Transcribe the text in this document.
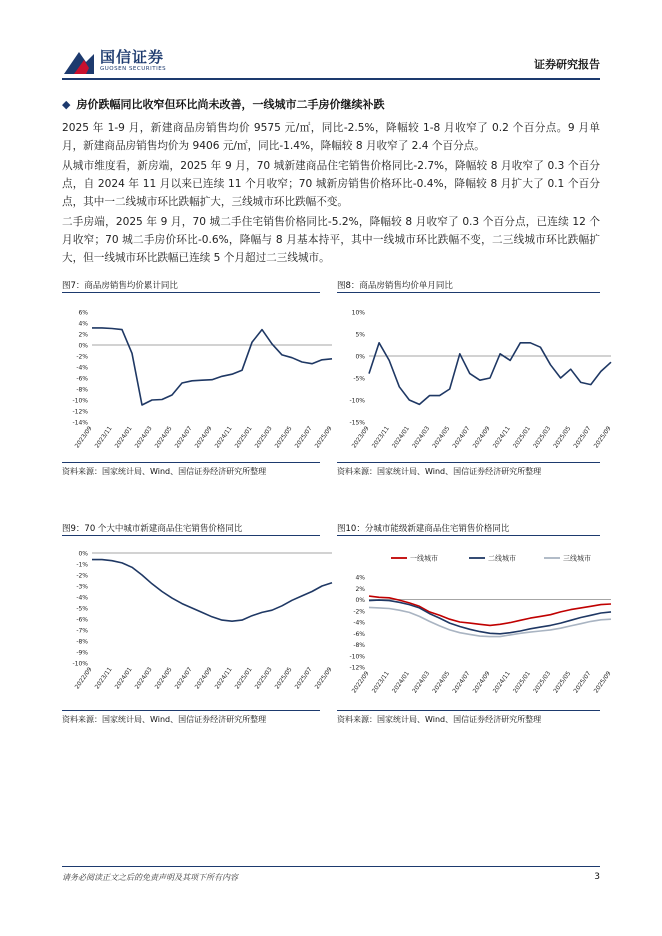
国信证券
GUOSEN SECURITIES	证券研究报告
◆ 房价跌幅同比收窄但环比尚未改善，一线城市二手房价继续补跌
2025 年 1-9 月，新建商品房销售均价 9575 元/㎡，同比-2.5%，降幅较 1-8 月收窄了 0.2 个百分点。9 月单月，新建商品房销售均价为 9406 元/㎡，同比-1.4%，降幅较 8 月收窄了 2.4 个百分点。
从城市维度看，新房端，2025 年 9 月，70 城新建商品住宅销售价格同比-2.7%，降幅较 8 月收窄了 0.3 个百分点，自 2024 年 11 月以来已连续 11 个月收窄；70 城新房销售价格环比-0.4%，降幅较 8 月扩大了 0.1 个百分点，其中一二线城市环比跌幅扩大，三线城市环比跌幅不变。
二手房端，2025 年 9 月，70 城二手住宅销售价格同比-5.2%，降幅较 8 月收窄了 0.3 个百分点，已连续 12 个月收窄；70 城二手房价环比-0.6%，降幅与 8 月基本持平，其中一线城市环比跌幅不变，二三线城市环比跌幅扩大，但一线城市环比跌幅已连续 5 个月超过二三线城市。
图7：商品房销售均价累计同比
6%
4%
2%
0%
-2%
-4%
-6%
-8%
-10%
-12%
-14%
2023/09 2023/11 2024/01 2024/03 2024/05 2024/07 2024/09 2024/11 2025/01 2025/03 2025/05 2025/07 2025/09
资料来源：国家统计局、Wind、国信证券经济研究所整理
图8：商品房销售均价单月同比
10%
5%
0%
-5%
-10%
-15%
2023/09 2023/11 2024/01 2024/03 2024/05 2024/07 2024/09 2024/11 2025/01 2025/03 2025/05 2025/07 2025/09
资料来源：国家统计局、Wind、国信证券经济研究所整理
图9：70 个大中城市新建商品住宅销售价格同比
0%
-1%
-2%
-3%
-4%
-5%
-6%
-7%
-8%
-9%
-10%
2022/09 2023/11 2024/01 2024/03 2024/05 2024/07 2024/09 2024/11 2025/01 2025/03 2025/05 2025/07 2025/09
资料来源：国家统计局、Wind、国信证券经济研究所整理
图10：分城市能级新建商品住宅销售价格同比
4%
2%
0%
-2%
-4%
-6%
-8%
-10%
-12%
2022/09 2023/11 2024/01 2024/03 2024/05 2024/07 2024/09 2024/11 2025/01 2025/03 2025/05 2025/07 2025/09
一线城市	二线城市	三线城市
资料来源：国家统计局、Wind、国信证券经济研究所整理
请务必阅读正文之后的免责声明及其项下所有内容	3
